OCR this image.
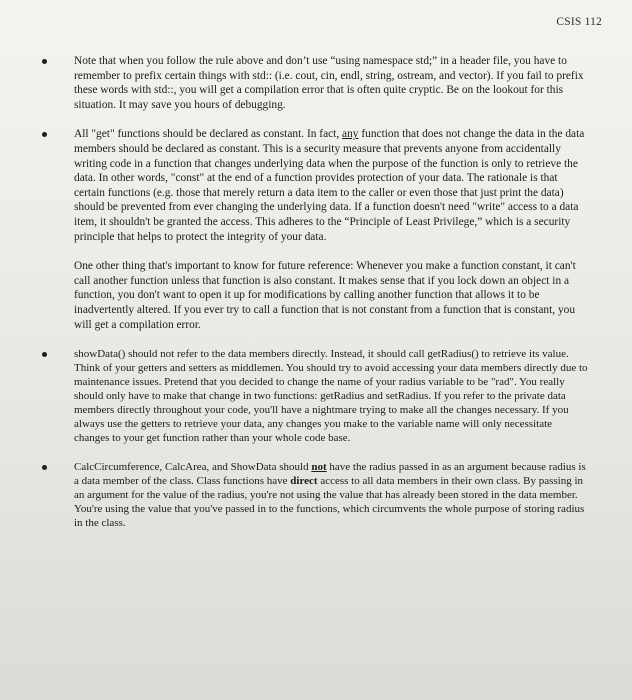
CSIS 112
Note that when you follow the rule above and don’t use “using namespace std;” in a header file, you have to remember to prefix certain things with std:: (i.e. cout, cin, endl, string, ostream, and vector). If you fail to prefix these words with std::, you will get a compilation error that is often quite cryptic. Be on the lookout for this situation. It may save you hours of debugging.
All "get" functions should be declared as constant. In fact, any function that does not change the data in the data members should be declared as constant. This is a security measure that prevents anyone from accidentally writing code in a function that changes underlying data when the purpose of the function is only to retrieve the data. In other words, "const" at the end of a function provides protection of your data. The rationale is that certain functions (e.g. those that merely return a data item to the caller or even those that just print the data) should be prevented from ever changing the underlying data. If a function doesn't need "write" access to a data item, it shouldn't be granted the access. This adheres to the “Principle of Least Privilege,” which is a security principle that helps to protect the integrity of your data.
One other thing that's important to know for future reference: Whenever you make a function constant, it can't call another function unless that function is also constant. It makes sense that if you lock down an object in a function, you don't want to open it up for modifications by calling another function that allows it to be inadvertently altered. If you ever try to call a function that is not constant from a function that is constant, you will get a compilation error.
showData() should not refer to the data members directly. Instead, it should call getRadius() to retrieve its value. Think of your getters and setters as middlemen. You should try to avoid accessing your data members directly due to maintenance issues. Pretend that you decided to change the name of your radius variable to be "rad". You really should only have to make that change in two functions: getRadius and setRadius. If you refer to the private data members directly throughout your code, you'll have a nightmare trying to make all the changes necessary. If you always use the getters to retrieve your data, any changes you make to the variable name will only necessitate changes to your get function rather than your whole code base.
CalcCircumference, CalcArea, and ShowData should not have the radius passed in as an argument because radius is a data member of the class. Class functions have direct access to all data members in their own class. By passing in an argument for the value of the radius, you're not using the value that has already been stored in the data member. You're using the value that you've passed in to the functions, which circumvents the whole purpose of storing radius in the class.
